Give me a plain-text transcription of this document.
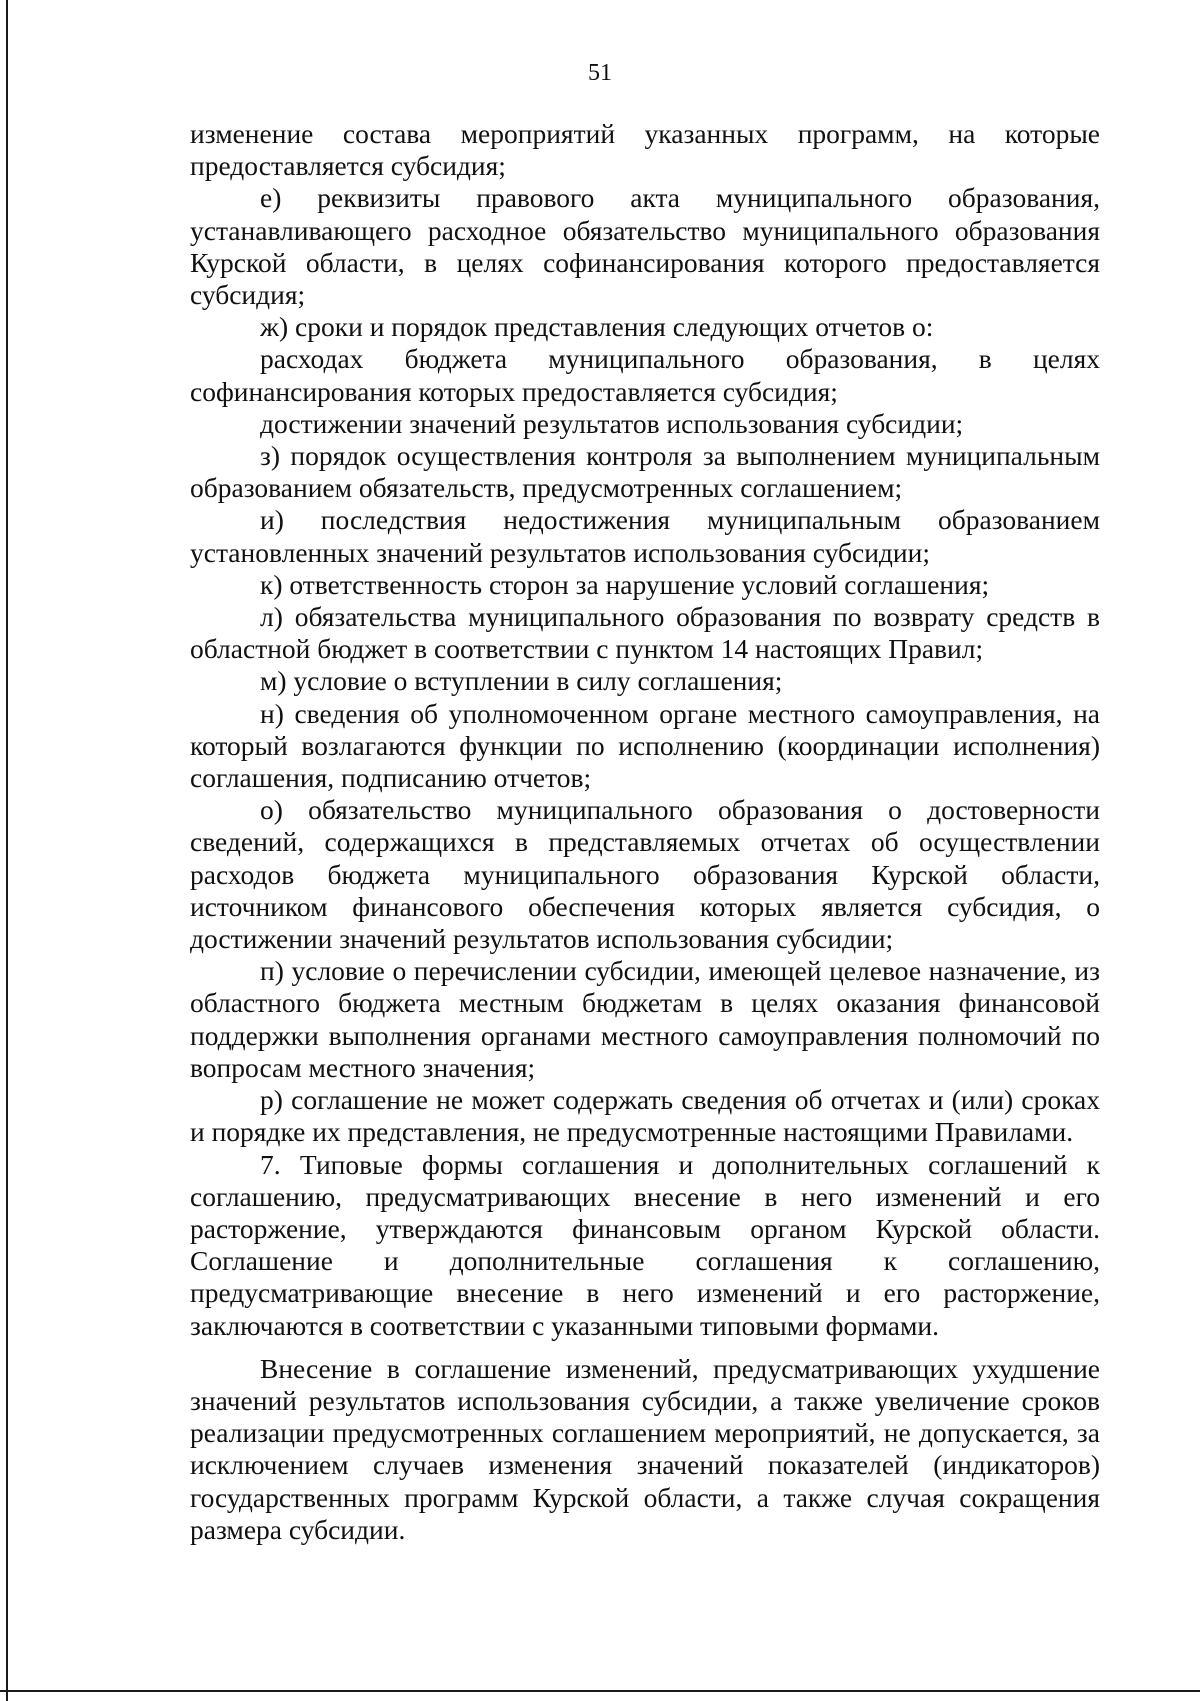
51

изменение состава мероприятий указанных программ, на которые предоставляется субсидия;

е) реквизиты правового акта муниципального образования, устанавливающего расходное обязательство муниципального образования Курской области, в целях софинансирования которого предоставляется субсидия;

ж) сроки и порядок представления следующих отчетов о:

расходах бюджета муниципального образования, в целях софинансирования которых предоставляется субсидия;

достижении значений результатов использования субсидии;

з) порядок осуществления контроля за выполнением муниципальным образованием обязательств, предусмотренных соглашением;

и) последствия недостижения муниципальным образованием установленных значений результатов использования субсидии;

к) ответственность сторон за нарушение условий соглашения;

л) обязательства муниципального образования по возврату средств в областной бюджет в соответствии с пунктом 14 настоящих Правил;

м) условие о вступлении в силу соглашения;

н) сведения об уполномоченном органе местного самоуправления, на который возлагаются функции по исполнению (координации исполнения) соглашения, подписанию отчетов;

о) обязательство муниципального образования о достоверности сведений, содержащихся в представляемых отчетах об осуществлении расходов бюджета муниципального образования Курской области, источником финансового обеспечения которых является субсидия, о достижении значений результатов использования субсидии;

п) условие о перечислении субсидии, имеющей целевое назначение, из областного бюджета местным бюджетам в целях оказания финансовой поддержки выполнения органами местного самоуправления полномочий по вопросам местного значения;

р) соглашение не может содержать сведения об отчетах и (или) сроках и порядке их представления, не предусмотренные настоящими Правилами.

7. Типовые формы соглашения и дополнительных соглашений к соглашению, предусматривающих внесение в него изменений и его расторжение, утверждаются финансовым органом Курской области. Соглашение и дополнительные соглашения к соглашению, предусматривающие внесение в него изменений и его расторжение, заключаются в соответствии с указанными типовыми формами.

Внесение в соглашение изменений, предусматривающих ухудшение значений результатов использования субсидии, а также увеличение сроков реализации предусмотренных соглашением мероприятий, не допускается, за исключением случаев изменения значений показателей (индикаторов) государственных программ Курской области, а также случая сокращения размера субсидии.
